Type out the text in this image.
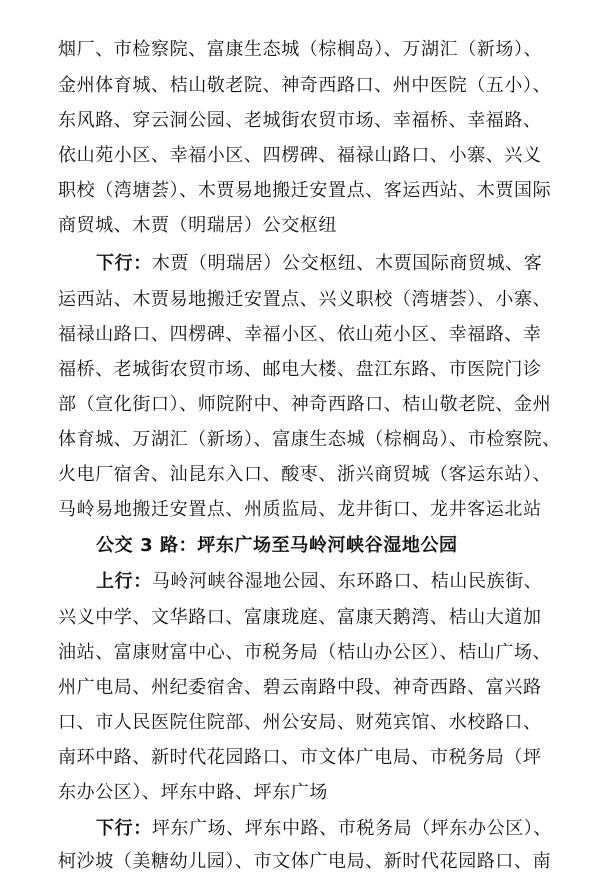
烟厂、市检察院、富康生态城（棕榈岛）、万湖汇（新场）、
金州体育城、桔山敬老院、神奇西路口、州中医院（五小）、
东风路、穿云洞公园、老城街农贸市场、幸福桥、幸福路、
依山苑小区、幸福小区、四楞碑、福禄山路口、小寨、兴义
职校（湾塘荟）、木贾易地搬迁安置点、客运西站、木贾国际
商贸城、木贾（明瑞居）公交枢纽
下行：木贾（明瑞居）公交枢纽、木贾国际商贸城、客
运西站、木贾易地搬迁安置点、兴义职校（湾塘荟）、小寨、
福禄山路口、四楞碑、幸福小区、依山苑小区、幸福路、幸
福桥、老城街农贸市场、邮电大楼、盘江东路、市医院门诊
部（宣化街口）、师院附中、神奇西路口、桔山敬老院、金州
体育城、万湖汇（新场）、富康生态城（棕榈岛）、市检察院、
火电厂宿舍、汕昆东入口、酸枣、浙兴商贸城（客运东站）、
马岭易地搬迁安置点、州质监局、龙井街口、龙井客运北站
公交 3 路：坪东广场至马岭河峡谷湿地公园
上行：马岭河峡谷湿地公园、东环路口、桔山民族街、
兴义中学、文华路口、富康珑庭、富康天鹅湾、桔山大道加
油站、富康财富中心、市税务局（桔山办公区）、桔山广场、
州广电局、州纪委宿舍、碧云南路中段、神奇西路、富兴路
口、市人民医院住院部、州公安局、财苑宾馆、水校路口、
南环中路、新时代花园路口、市文体广电局、市税务局（坪
东办公区）、坪东中路、坪东广场
下行：坪东广场、坪东中路、市税务局（坪东办公区）、
柯沙坡（美糖幼儿园）、市文体广电局、新时代花园路口、南
